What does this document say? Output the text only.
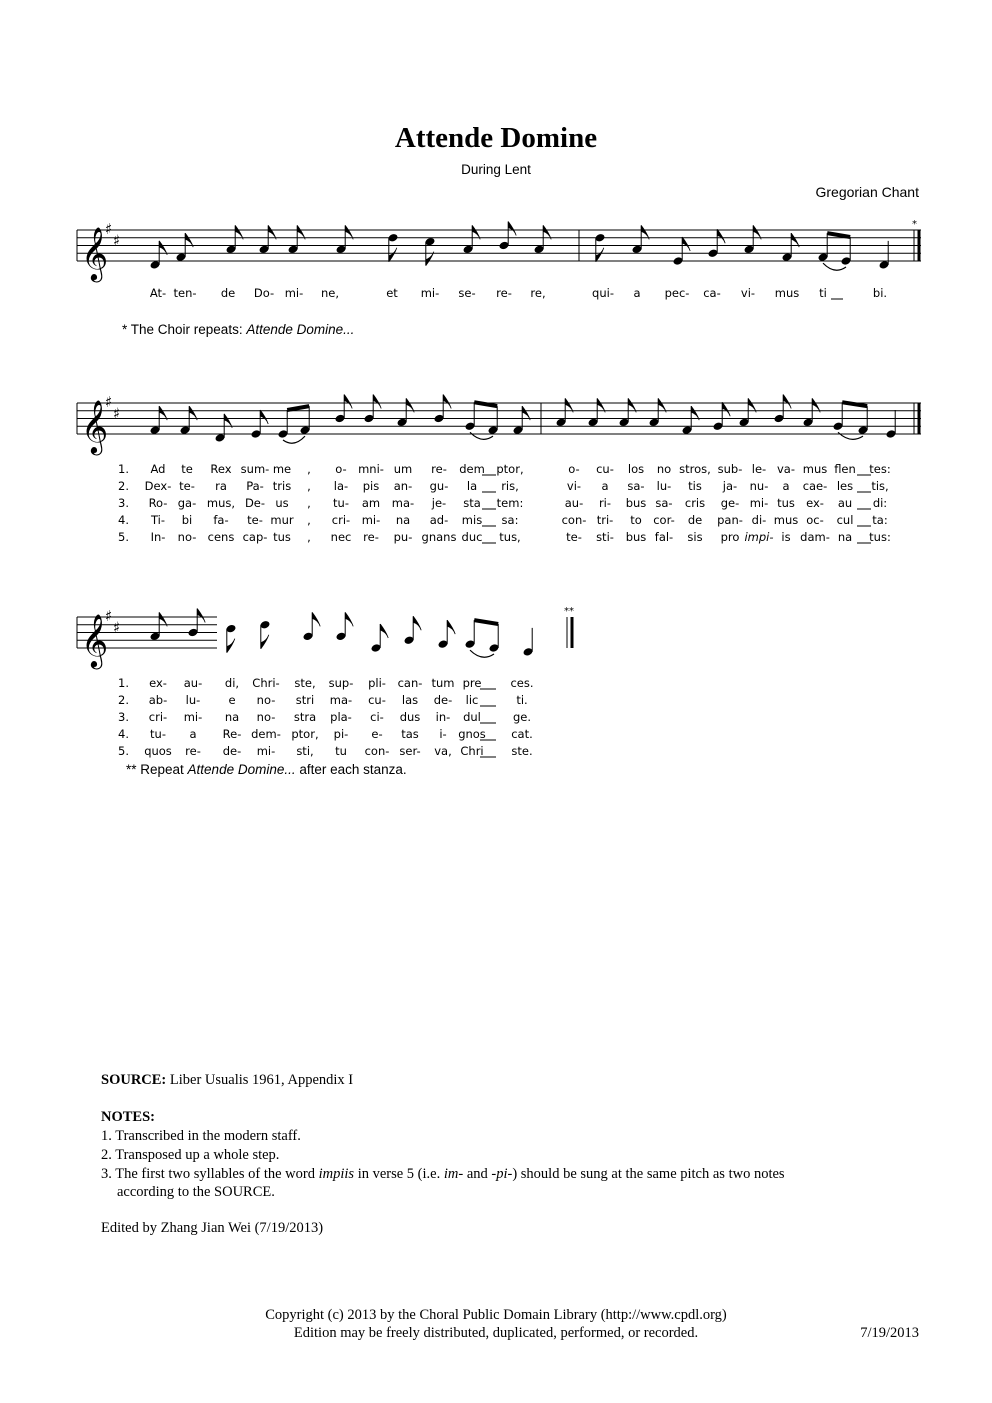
Attende Domine
During Lent
Gregorian Chant
𝄞
♯
♯
At- ten- de Do- mi- ne,	et mi- se- re- re,	qui- a pec- ca- vi- mus ti	bi.
𝄞
♯
♯
1.
2.
3.
4.
5.
Ad te Rex sum- me , o- mni- um re- dem ptor,	o- cu- los no stros, sub- le- va- mus flen tes:
Dex- te- ra Pa- tris , la- pis an- gu- la ris,	vi- a sa- lu- tis ja- nu- a cae- les tis,
Ro- ga- mus, De- us , tu- am ma- je- sta tem:	au- ri- bus sa- cris ge- mi- tus ex- au di:
Ti- bi fa- te- mur , cri- mi- na ad- mis sa:	con- tri- to cor- de pan- di- mus oc- cul ta:
In- no- cens cap- tus , nec re- pu- gnans duc tus,	te- sti- bus fal- sis pro impi- is dam- na tus:
𝄞
♯
♯
1.
2.
3.
4.
5.
ex- au- di, Chri- ste, sup- pli- can- tum pre	ces.
ab- lu- e no- stri ma- cu- las de- lic	ti.
cri- mi- na no- stra pla- ci- dus in- dul	ge.
tu- a Re- dem- ptor, pi- e- tas i- gnos cat.
quos re- de- mi- sti, tu con- ser- va, Chri ste.
*
**
* The Choir repeats: Attende Domine...
** Repeat Attende Domine... after each stanza.
SOURCE: Liber Usualis 1961, Appendix I
NOTES:
1. Transcribed in the modern staff.
2. Transposed up a whole step.
3. The first two syllables of the word impiis in verse 5 (i.e. im- and -pi-) should be sung at the same pitch as two notes
according to the SOURCE.
Edited by Zhang Jian Wei (7/19/2013)
Copyright (c) 2013 by the Choral Public Domain Library (http://www.cpdl.org)
Edition may be freely distributed, duplicated, performed, or recorded.	7/19/2013
